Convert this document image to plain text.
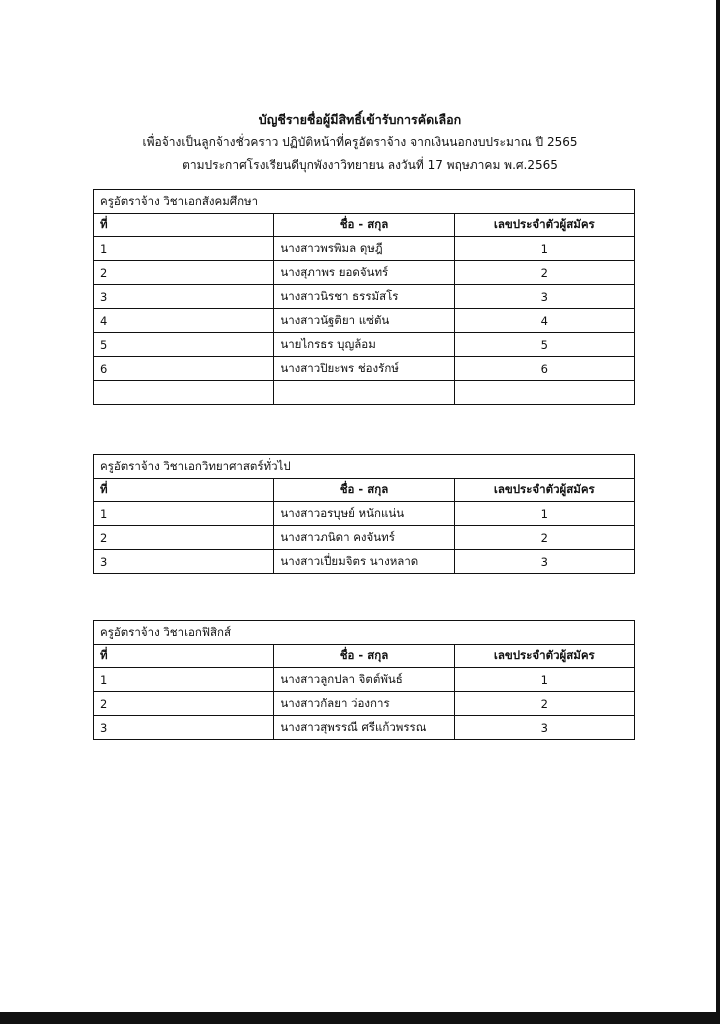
บัญชีรายชื่อผู้มีสิทธิ์เข้ารับการคัดเลือก
เพื่อจ้างเป็นลูกจ้างชั่วคราว ปฏิบัติหน้าที่ครูอัตราจ้าง จากเงินนอกงบประมาณ ปี 2565
ตามประกาศโรงเรียนดีบุกพังงาวิทยายน ลงวันที่ 17 พฤษภาคม พ.ศ.2565
ครูอัตราจ้าง วิชาเอกสังคมศึกษา		
ที่	ชื่อ - สกุล	เลขประจำตัวผู้สมัคร
1	นางสาวพรพิมล ดุษฎี	1
2	นางสุภาพร ยอดจันทร์	2
3	นางสาวนิรชา ธรรมัสโร	3
4	นางสาวนัฐติยา แซ่ตัน	4
5	นายไกรธร บุญล้อม	5
6	นางสาวปิยะพร ช่องรักษ์	6

ครูอัตราจ้าง วิชาเอกวิทยาศาสตร์ทั่วไป		
ที่	ชื่อ - สกุล	เลขประจำตัวผู้สมัคร
1	นางสาวอรบุษย์ หนักแน่น	1
2	นางสาวภนิดา คงจันทร์	2
3	นางสาวเปี่ยมจิตร นางหลาด	3
ครูอัตราจ้าง วิชาเอกฟิสิกส์		
ที่	ชื่อ - สกุล	เลขประจำตัวผู้สมัคร
1	นางสาวลูกปลา จิตต์พันธ์	1
2	นางสาวกัลยา ว่องการ	2
3	นางสาวสุพรรณี ศรีแก้วพรรณ	3
